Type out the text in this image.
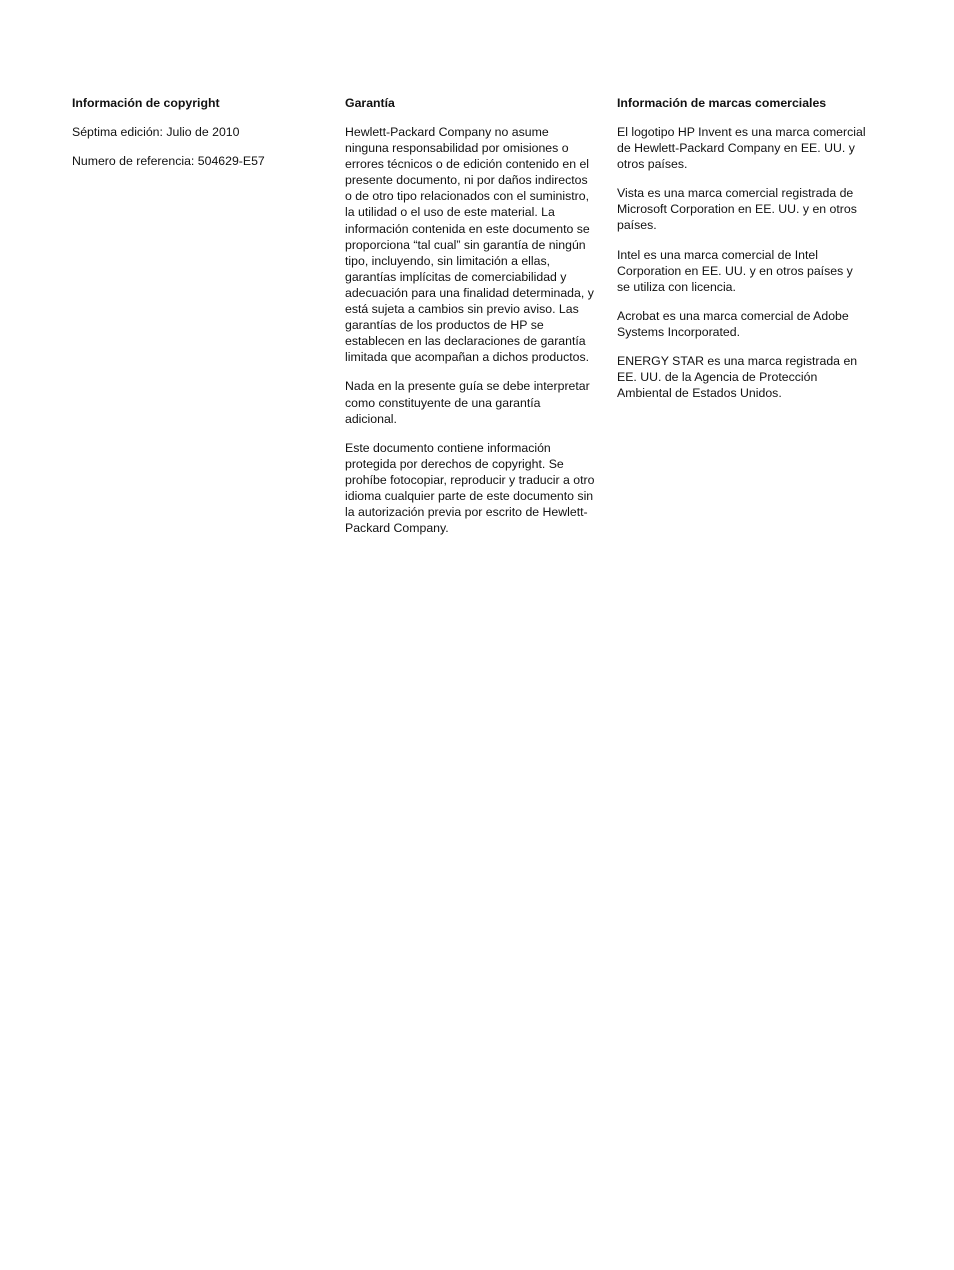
Información de copyright

Séptima edición: Julio de 2010

Numero de referencia: 504629-E57

Garantía

Hewlett-Packard Company no asume ninguna responsabilidad por omisiones o errores técnicos o de edición contenido en el presente documento, ni por daños indirectos o de otro tipo relacionados con el suministro, la utilidad o el uso de este material. La información contenida en este documento se proporciona “tal cual” sin garantía de ningún tipo, incluyendo, sin limitación a ellas, garantías implícitas de comerciabilidad y adecuación para una finalidad determinada, y está sujeta a cambios sin previo aviso. Las garantías de los productos de HP se establecen en las declaraciones de garantía limitada que acompañan a dichos productos.

Nada en la presente guía se debe interpretar como constituyente de una garantía adicional.

Este documento contiene información protegida por derechos de copyright. Se prohíbe fotocopiar, reproducir y traducir a otro idioma cualquier parte de este documento sin la autorización previa por escrito de Hewlett-Packard Company.

Información de marcas comerciales

El logotipo HP Invent es una marca comercial de Hewlett-Packard Company en EE. UU. y otros países.

Vista es una marca comercial registrada de Microsoft Corporation en EE. UU. y en otros países.

Intel es una marca comercial de Intel Corporation en EE. UU. y en otros países y se utiliza con licencia.

Acrobat es una marca comercial de Adobe Systems Incorporated.

ENERGY STAR es una marca registrada en EE. UU. de la Agencia de Protección Ambiental de Estados Unidos.
